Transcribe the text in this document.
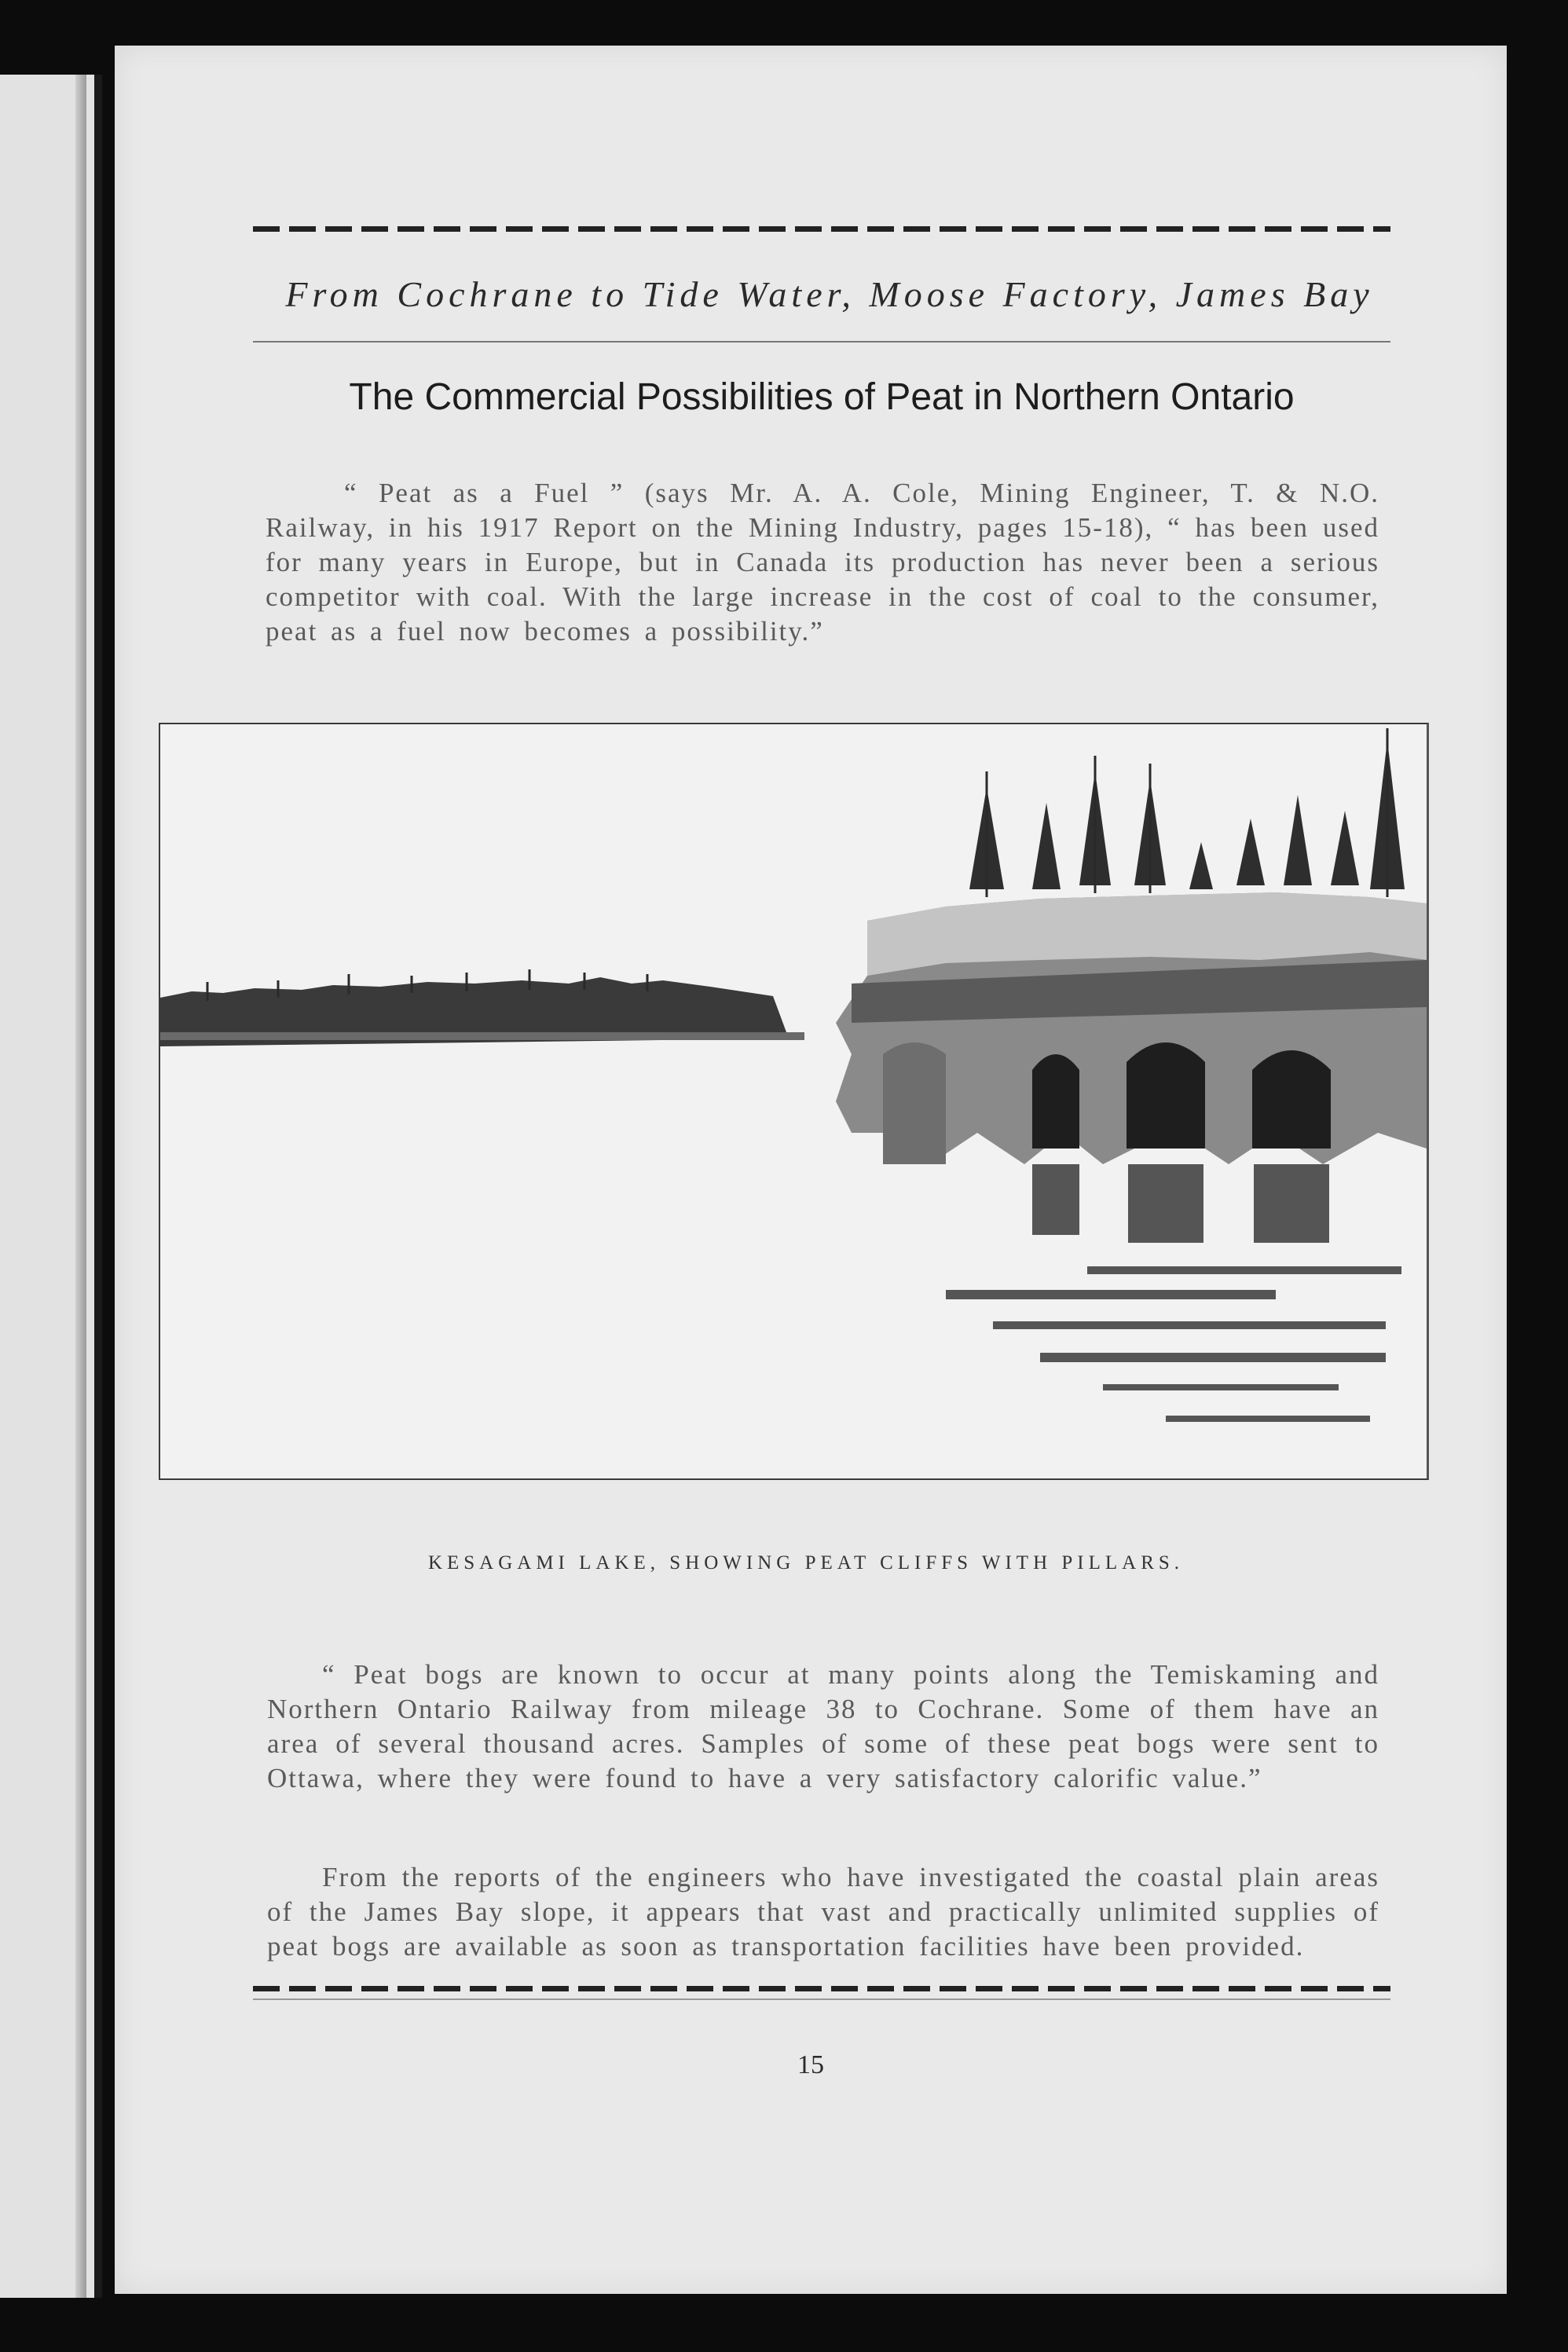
From Cochrane to Tide Water, Moose Factory, James Bay
The Commercial Possibilities of Peat in Northern Ontario
“ Peat as a Fuel ” (says Mr. A. A. Cole, Mining Engineer, T. & N.O. Railway, in his 1917 Report on the Mining Industry, pages 15-18), “ has been used for many years in Europe, but in Canada its production has never been a serious competitor with coal. With the large increase in the cost of coal to the consumer, peat as a fuel now becomes a possibility.”
KESAGAMI LAKE, SHOWING PEAT CLIFFS WITH PILLARS.
“ Peat bogs are known to occur at many points along the Temiskaming and Northern Ontario Railway from mileage 38 to Cochrane. Some of them have an area of several thousand acres. Samples of some of these peat bogs were sent to Ottawa, where they were found to have a very satisfactory calorific value.”
From the reports of the engineers who have investigated the coastal plain areas of the James Bay slope, it appears that vast and practically unlimited supplies of peat bogs are available as soon as transportation facilities have been provided.
15
